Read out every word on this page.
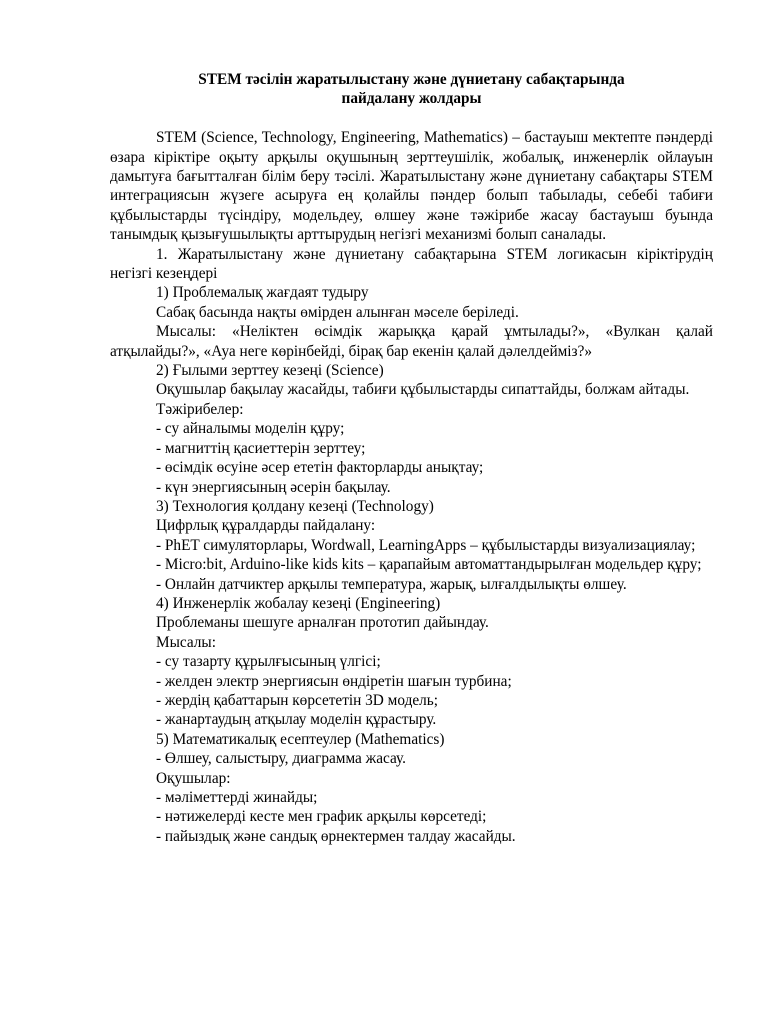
STEM тәсілін жаратылыстану және дүниетану сабақтарында
пайдалану жолдары

STEM (Science, Technology, Engineering, Mathematics) – бастауыш мектепте пәндерді өзара кіріктіре оқыту арқылы оқушының зерттеушілік, жобалық, инженерлік ойлауын дамытуға бағытталған білім беру тәсілі. Жаратылыстану және дүниетану сабақтары STEM интеграциясын жүзеге асыруға ең қолайлы пәндер болып табылады, себебі табиғи құбылыстарды түсіндіру, модельдеу, өлшеу және тәжірибе жасау бастауыш буында танымдық қызығушылықты арттырудың негізгі механизмі болып саналады.

1. Жаратылыстану және дүниетану сабақтарына STEM логикасын кіріктірудің негізгі кезеңдері

1) Проблемалық жағдаят тудыру

Сабақ басында нақты өмірден алынған мәселе беріледі.

Мысалы: «Неліктен өсімдік жарыққа қарай ұмтылады?», «Вулкан қалай атқылайды?», «Ауа неге көрінбейді, бірақ бар екенін қалай дәлелдейміз?»

2) Ғылыми зерттеу кезеңі (Science)

Оқушылар бақылау жасайды, табиғи құбылыстарды сипаттайды, болжам айтады.

Тәжірибелер:

- су айналымы моделін құру;

- магниттің қасиеттерін зерттеу;

- өсімдік өсуіне әсер ететін факторларды анықтау;

- күн энергиясының әсерін бақылау.

3) Технология қолдану кезеңі (Technology)

Цифрлық құралдарды пайдалану:

- PhET симуляторлары, Wordwall, LearningApps – құбылыстарды визуализациялау;

- Micro:bit, Arduino-like kids kits – қарапайым автоматтандырылған модельдер құру;

- Онлайн датчиктер арқылы температура, жарық, ылғалдылықты өлшеу.

4) Инженерлік жобалау кезеңі (Engineering)

Проблеманы шешуге арналған прототип дайындау.

Мысалы:

- су тазарту құрылғысының үлгісі;

- желден электр энергиясын өндіретін шағын турбина;

- жердің қабаттарын көрсететін 3D модель;

- жанартаудың атқылау моделін құрастыру.

5) Математикалық есептеулер (Mathematics)

- Өлшеу, салыстыру, диаграмма жасау.

Оқушылар:

- мәліметтерді жинайды;

- нәтижелерді кесте мен график арқылы көрсетеді;

- пайыздық және сандық өрнектермен талдау жасайды.
